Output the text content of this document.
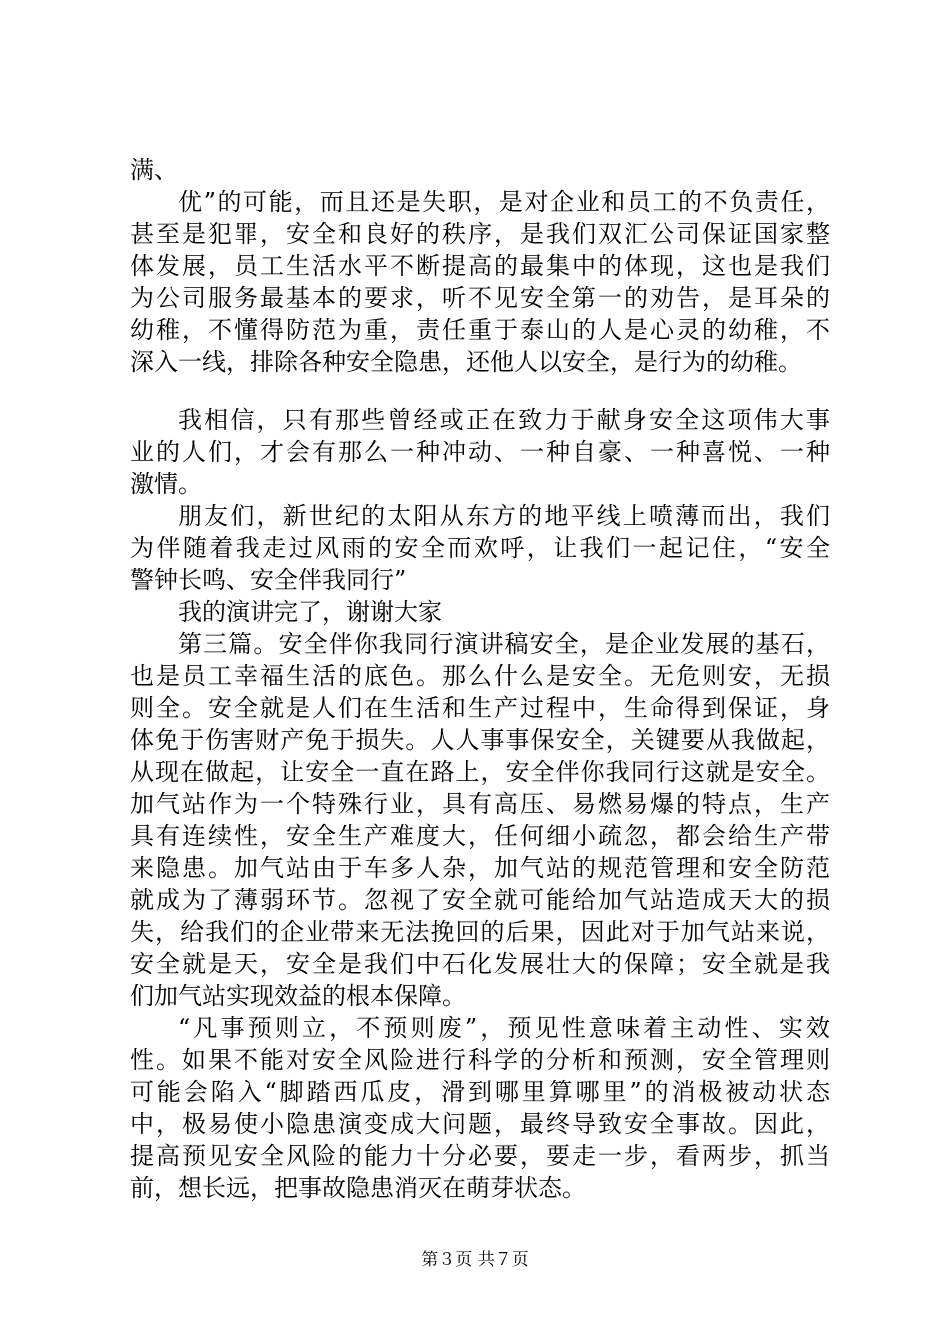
满、
优”的可能，而且还是失职，是对企业和员工的不负责任，
甚至是犯罪，安全和良好的秩序，是我们双汇公司保证国家整
体发展，员工生活水平不断提高的最集中的体现，这也是我们
为公司服务最基本的要求，听不见安全第一的劝告，是耳朵的
幼稚，不懂得防范为重，责任重于泰山的人是心灵的幼稚，不
深入一线，排除各种安全隐患，还他人以安全，是行为的幼稚。
我相信，只有那些曾经或正在致力于献身安全这项伟大事
业的人们，才会有那么一种冲动、一种自豪、一种喜悦、一种
激情。
朋友们，新世纪的太阳从东方的地平线上喷薄而出，我们
为伴随着我走过风雨的安全而欢呼，让我们一起记住，“安全
警钟长鸣、安全伴我同行”
我的演讲完了，谢谢大家
第三篇。安全伴你我同行演讲稿安全，是企业发展的基石，
也是员工幸福生活的底色。那么什么是安全。无危则安，无损
则全。安全就是人们在生活和生产过程中，生命得到保证，身
体免于伤害财产免于损失。人人事事保安全，关键要从我做起，
从现在做起，让安全一直在路上，安全伴你我同行这就是安全。
加气站作为一个特殊行业，具有高压、易燃易爆的特点，生产
具有连续性，安全生产难度大，任何细小疏忽，都会给生产带
来隐患。加气站由于车多人杂，加气站的规范管理和安全防范
就成为了薄弱环节。忽视了安全就可能给加气站造成天大的损
失，给我们的企业带来无法挽回的后果，因此对于加气站来说，
安全就是天，安全是我们中石化发展壮大的保障；安全就是我
们加气站实现效益的根本保障。
“凡事预则立，不预则废”，预见性意味着主动性、实效
性。如果不能对安全风险进行科学的分析和预测，安全管理则
可能会陷入“脚踏西瓜皮，滑到哪里算哪里”的消极被动状态
中，极易使小隐患演变成大问题，最终导致安全事故。因此，
提高预见安全风险的能力十分必要，要走一步，看两步，抓当
前，想长远，把事故隐患消灭在萌芽状态。
第３页 共７页
